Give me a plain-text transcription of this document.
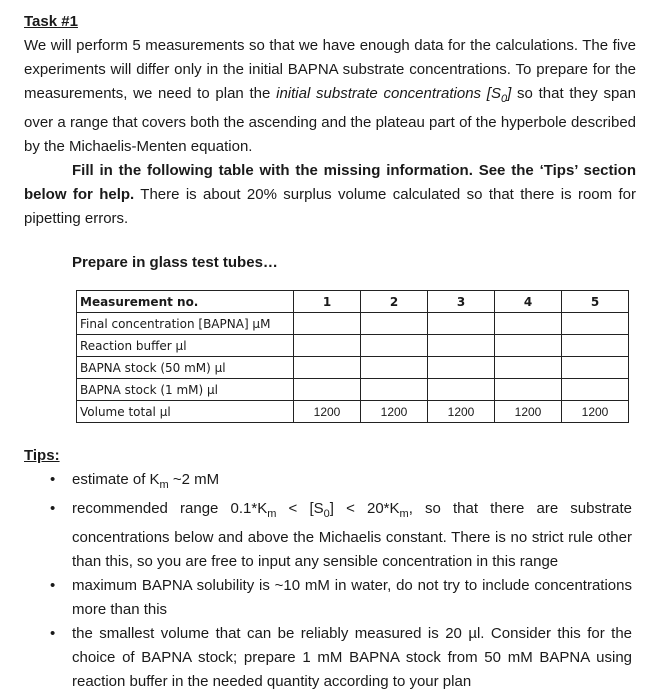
Task #1

We will perform 5 measurements so that we have enough data for the calculations. The five experiments will differ only in the initial BAPNA substrate concentrations. To prepare for the measurements, we need to plan the initial substrate concentrations $[S_0]$ so that they span over a range that covers both the ascending and the plateau part of the hyperbole described by the Michaelis-Menten equation.

Fill in the following table with the missing information. See the ‘Tips’ section below for help. There is about 20% surplus volume calculated so that there is room for pipetting errors.

Prepare in glass test tubes…
Measurement no.	1	2	3	4	5
Final concentration [BAPNA] µM					
Reaction buffer µl					
BAPNA stock (50 mM) µl					
BAPNA stock (1 mM) µl					
Volume total µl	1200	1200	1200	1200	1200
Tips:
• estimate of $K_m$ ~2 mM
• recommended range $0.1*K_m < [S_0] < 20*K_m$, so that there are substrate concentrations below and above the Michaelis constant. There is no strict rule other than this, so you are free to input any sensible concentration in this range
• maximum BAPNA solubility is ~10 mM in water, do not try to include concentrations more than this
• the smallest volume that can be reliably measured is 20 µl. Consider this for the choice of BAPNA stock; prepare 1 mM BAPNA stock from 50 mM BAPNA using reaction buffer in the needed quantity according to your plan
